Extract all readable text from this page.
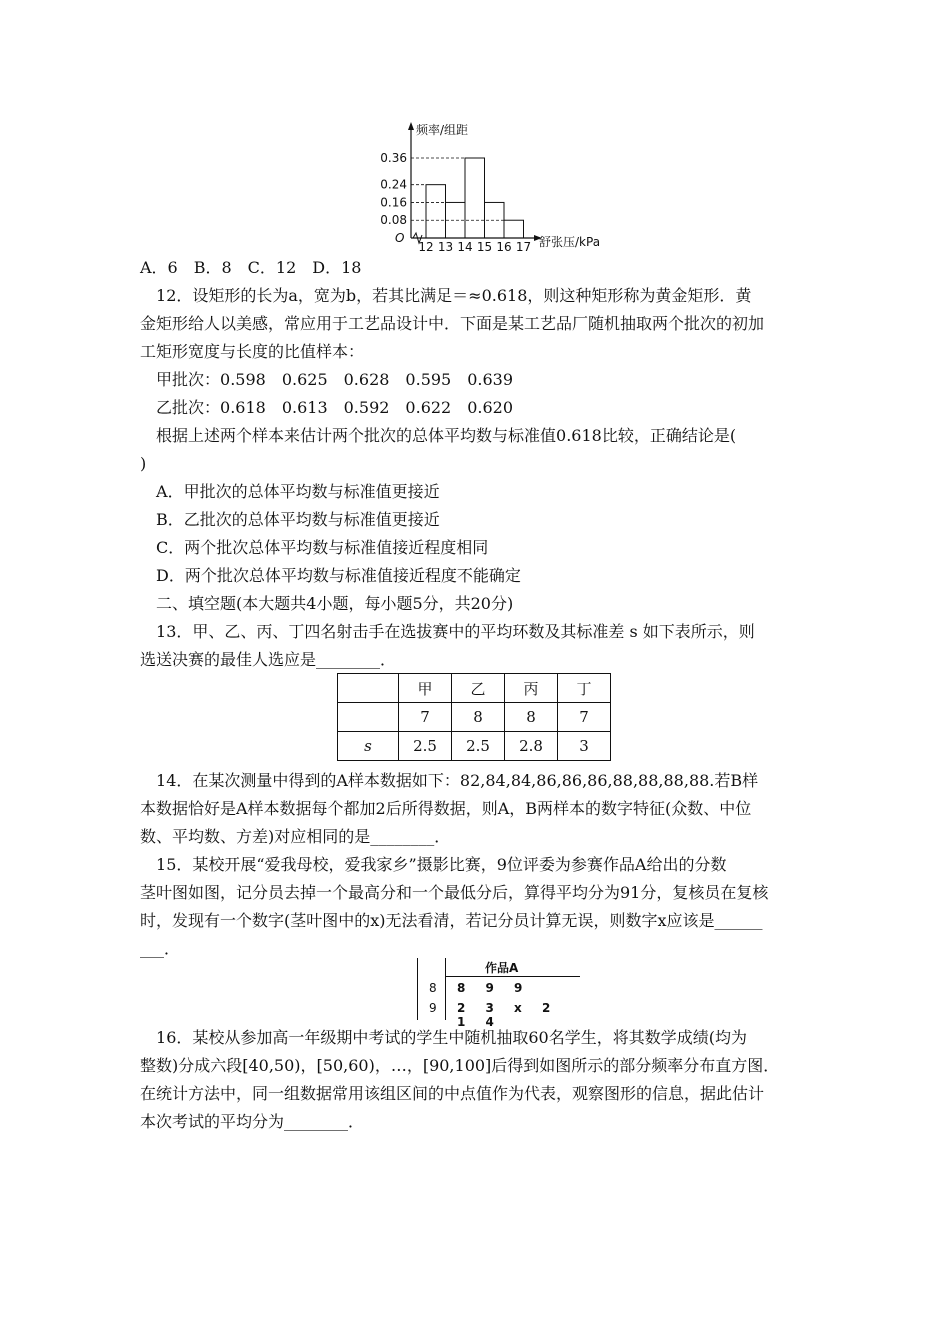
频率/组距
舒张压/kPa
O
0.08
0.16
0.24
0.36
12 13 14 15 16 17
A．6　B．8　C．12　D．18
　12．设矩形的长为a，宽为b，若其比满足＝≈0.618，则这种矩形称为黄金矩形．黄
金矩形给人以美感，常应用于工艺品设计中．下面是某工艺品厂随机抽取两个批次的初加
工矩形宽度与长度的比值样本：
　甲批次：0.598　0.625　0.628　0.595　0.639
　乙批次：0.618　0.613　0.592　0.622　0.620
　根据上述两个样本来估计两个批次的总体平均数与标准值0.618比较，正确结论是(
)
　A．甲批次的总体平均数与标准值更接近
　B．乙批次的总体平均数与标准值更接近
　C．两个批次总体平均数与标准值接近程度相同
　D．两个批次总体平均数与标准值接近程度不能确定
　二、填空题(本大题共4小题，每小题5分，共20分)
　13．甲、乙、丙、丁四名射击手在选拔赛中的平均环数及其标准差 s 如下表所示，则
选送决赛的最佳人选应是________．
	甲	乙	丙	丁
	7	8	8	7
s	2.5	2.5	2.8	3
　14．在某次测量中得到的A样本数据如下：82,84,84,86,86,86,88,88,88,88.若B样
本数据恰好是A样本数据每个都加2后所得数据，则A，B两样本的数字特征(众数、中位
数、平均数、方差)对应相同的是________．
　15．某校开展“爱我母校，爱我家乡”摄影比赛，9位评委为参赛作品A给出的分数
茎叶图如图，记分员去掉一个最高分和一个最低分后，算得平均分为91分，复核员在复核
时，发现有一个数字(茎叶图中的x)无法看清，若记分员计算无误，则数字x应该是______
___．
作品A
8 8 9 9
9 2 3 x 2 1 4
　16．某校从参加高一年级期中考试的学生中随机抽取60名学生，将其数学成绩(均为
整数)分成六段[40,50)，[50,60)，…，[90,100]后得到如图所示的部分频率分布直方图．
在统计方法中，同一组数据常用该组区间的中点值作为代表，观察图形的信息，据此估计
本次考试的平均分为________．
